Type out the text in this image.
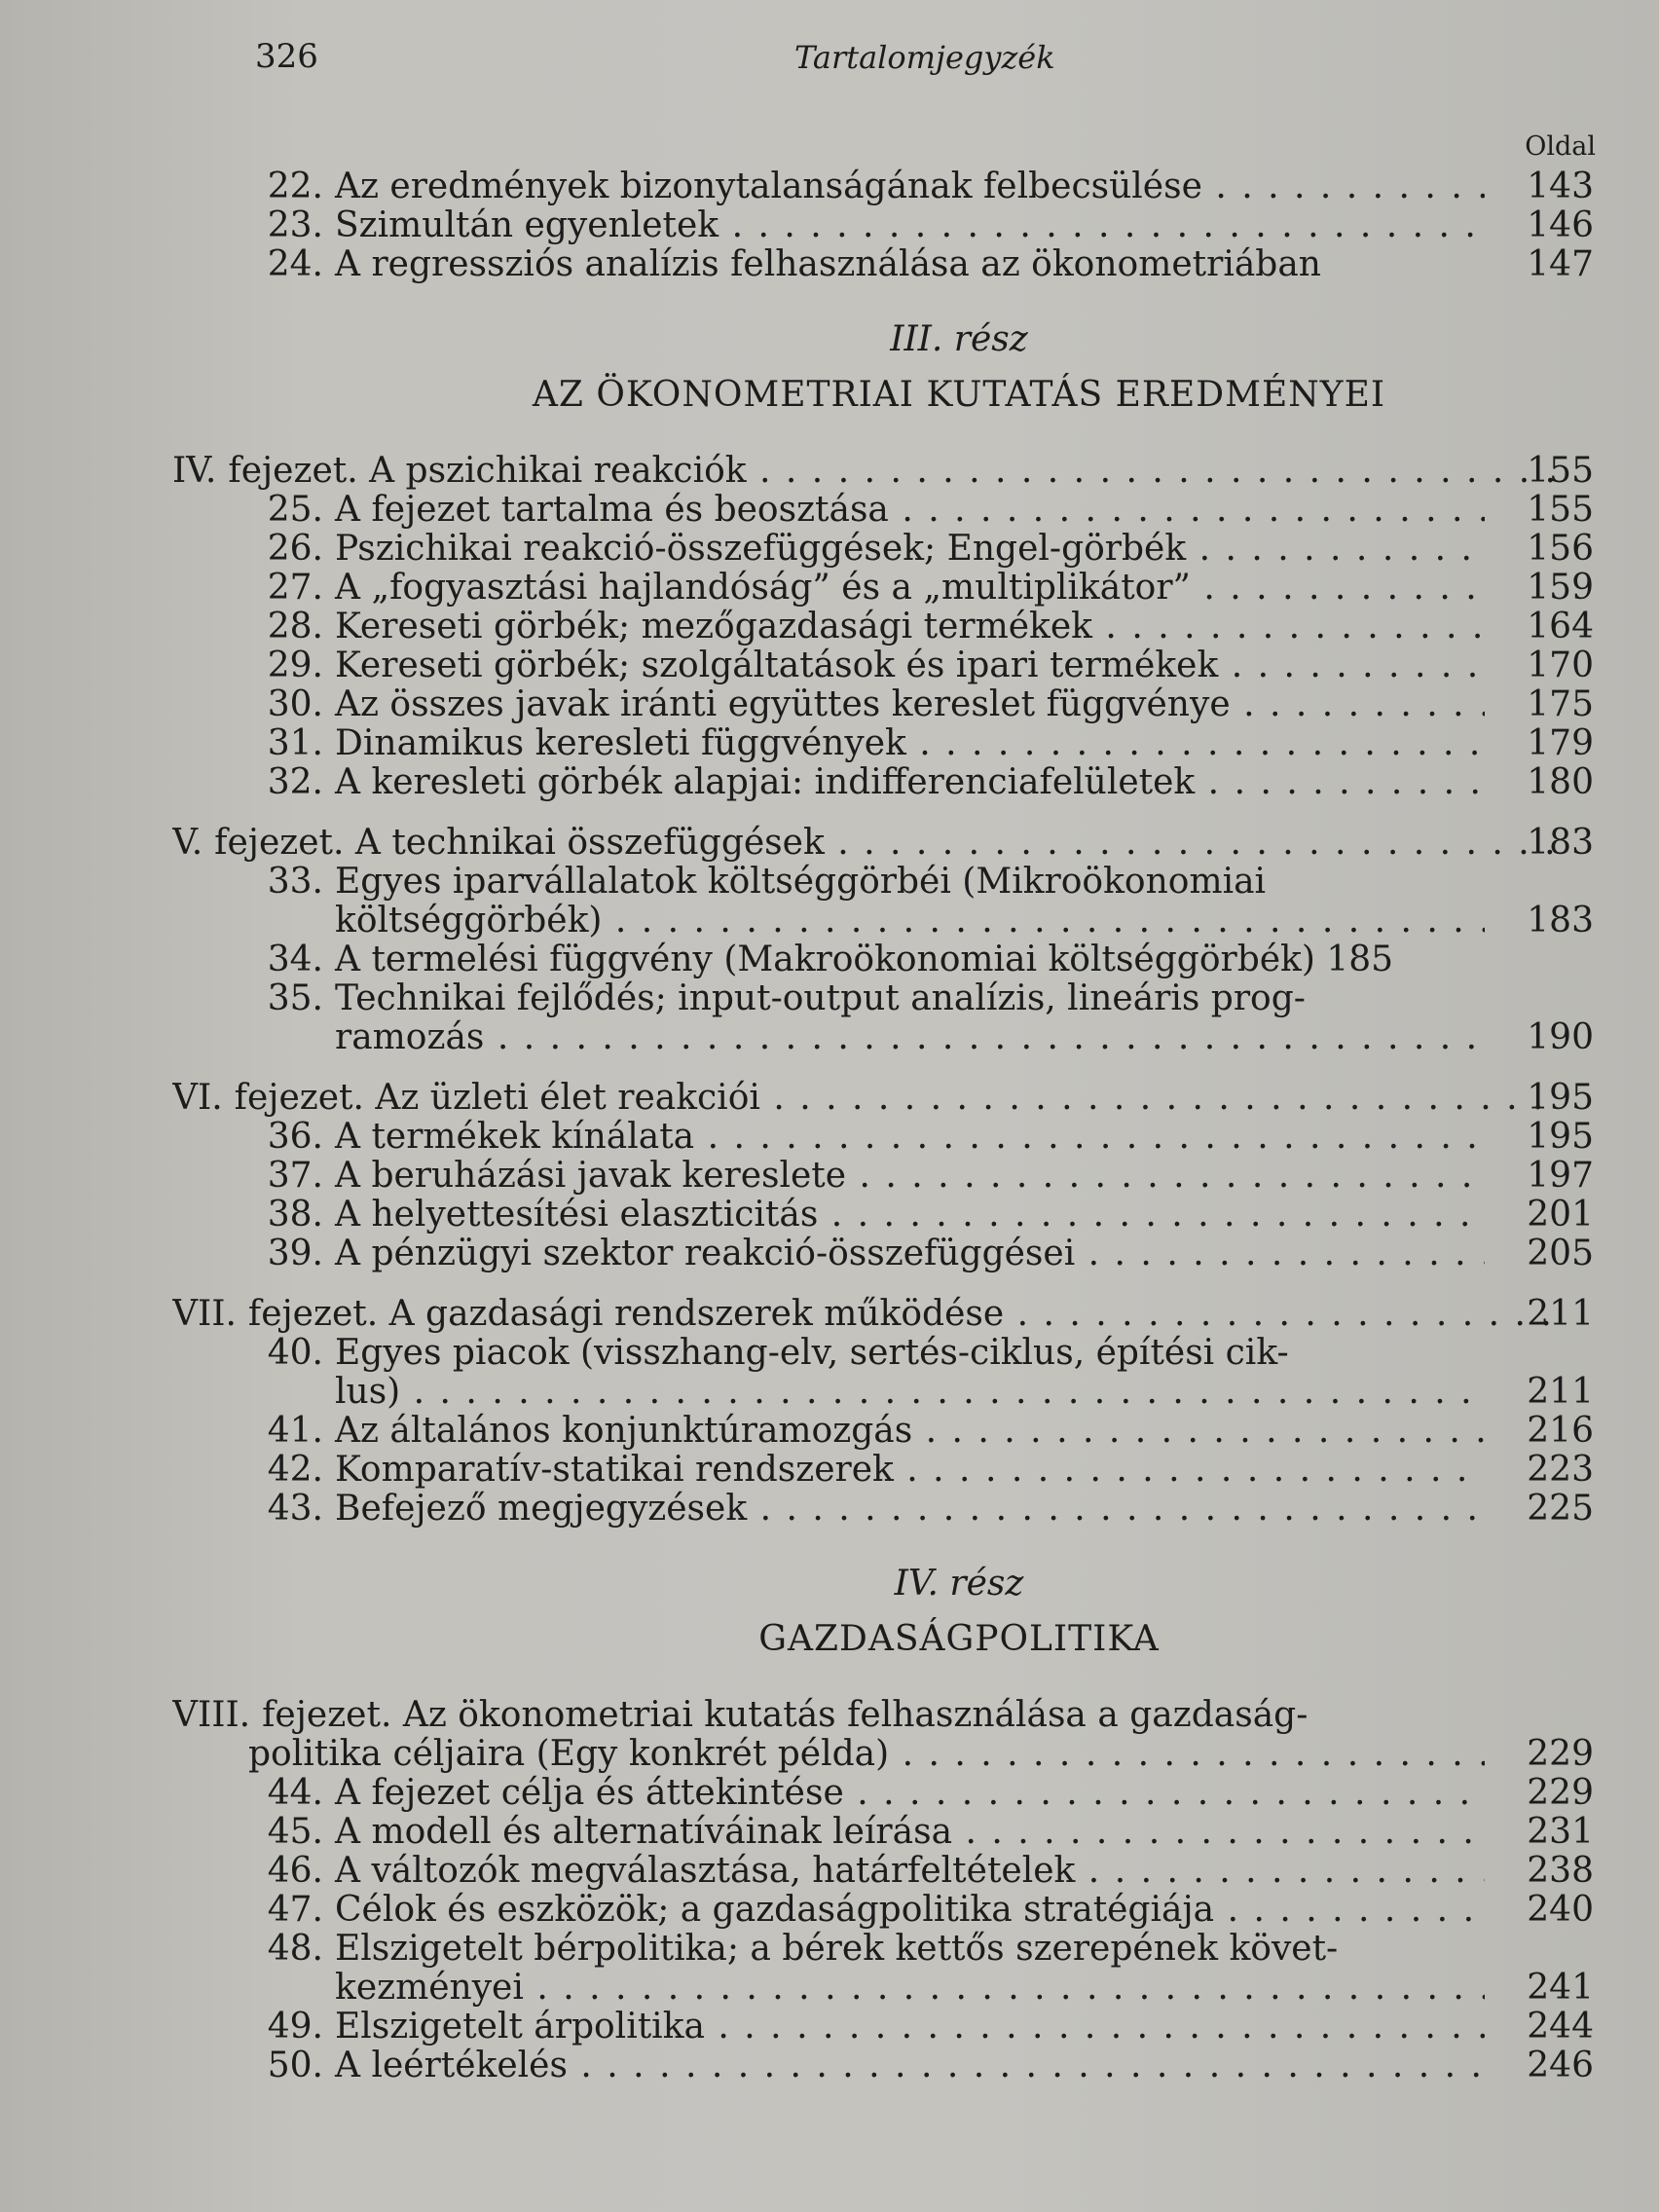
326	Tartalomjegyzék
Oldal
22. Az eredmények bizonytalanságának felbecsülése . . .	143
23. Szimultán egyenletek . . .	146
24. A regressziós analízis felhasználása az ökonometriában	147
III. rész
AZ ÖKONOMETRIAI KUTATÁS EREDMÉNYEI
IV. fejezet. A pszichikai reakciók . . .	155
25. A fejezet tartalma és beosztása . . .	155
26. Pszichikai reakció-összefüggések; Engel-görbék . . .	156
27. A „fogyasztási hajlandóság” és a „multiplikátor” . . .	159
28. Kereseti görbék; mezőgazdasági termékek . . .	164
29. Kereseti görbék; szolgáltatások és ipari termékek . . .	170
30. Az összes javak iránti együttes kereslet függvénye . . .	175
31. Dinamikus keresleti függvények . . .	179
32. A keresleti görbék alapjai: indifferenciafelületek . . .	180
V. fejezet. A technikai összefüggések . . .	183
33. Egyes iparvállalatok költséggörbéi (Mikroökonomiai
költséggörbék) . . .	183
34. A termelési függvény (Makroökonomiai költséggörbék) 185
35. Technikai fejlődés; input-output analízis, lineáris prog-
ramozás . . .	190
VI. fejezet. Az üzleti élet reakciói . . .	195
36. A termékek kínálata . . .	195
37. A beruházási javak kereslete . . .	197
38. A helyettesítési elaszticitás . . .	201
39. A pénzügyi szektor reakció-összefüggései . . .	205
VII. fejezet. A gazdasági rendszerek működése . . .	211
40. Egyes piacok (visszhang-elv, sertés-ciklus, építési cik-
lus) . . .	211
41. Az általános konjunktúramozgás . . .	216
42. Komparatív-statikai rendszerek . . .	223
43. Befejező megjegyzések . . .	225
IV. rész
GAZDASÁGPOLITIKA
VIII. fejezet. Az ökonometriai kutatás felhasználása a gazdaság-
politika céljaira (Egy konkrét példa) . . .	229
44. A fejezet célja és áttekintése . . .	229
45. A modell és alternatíváinak leírása . . .	231
46. A változók megválasztása, határfeltételek . . .	238
47. Célok és eszközök; a gazdaságpolitika stratégiája . . .	240
48. Elszigetelt bérpolitika; a bérek kettős szerepének követ-
kezményei . . .	241
49. Elszigetelt árpolitika . . .	244
50. A leértékelés . . .	246
